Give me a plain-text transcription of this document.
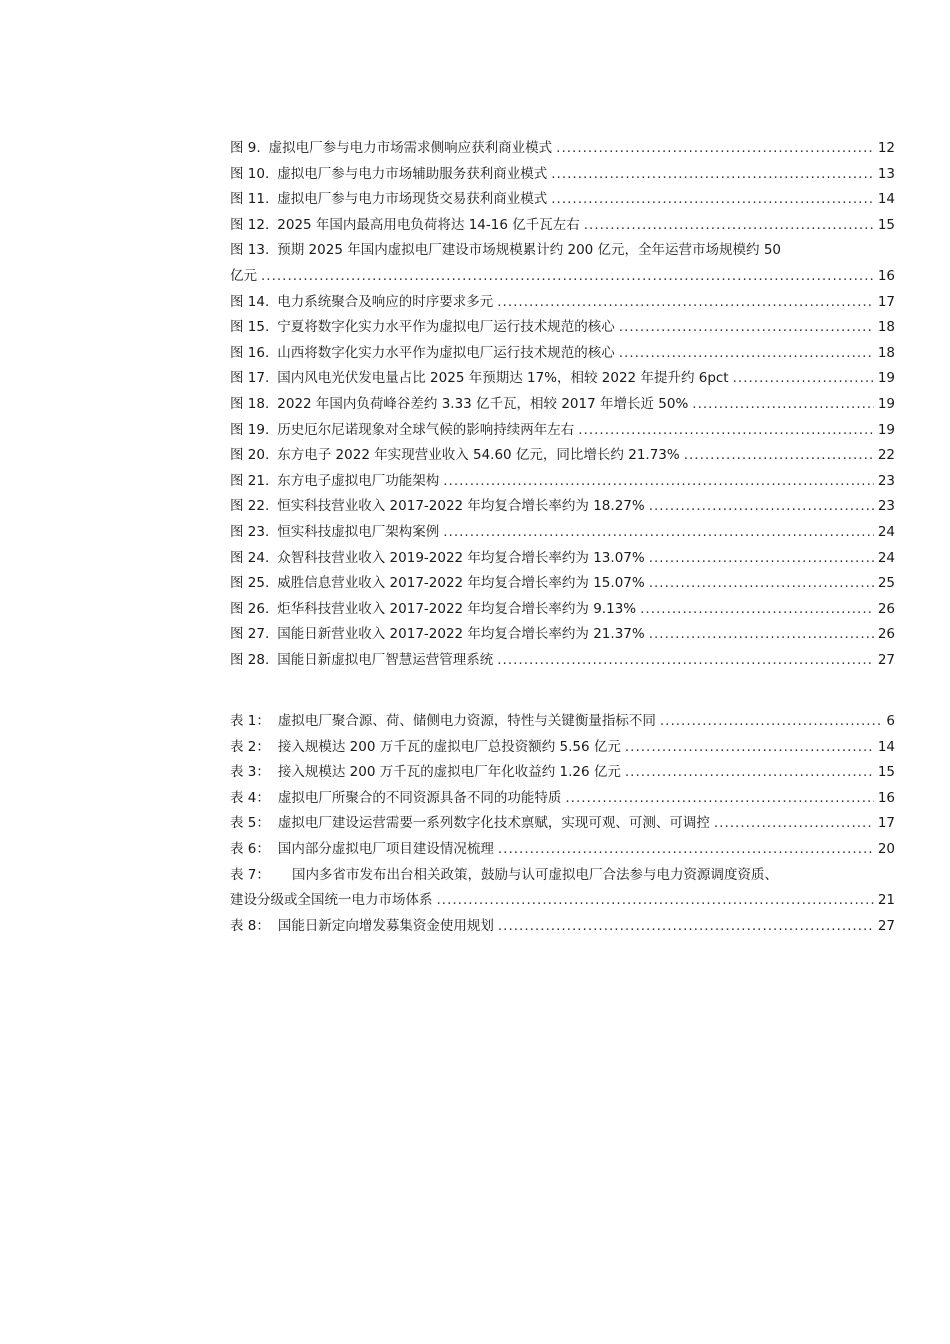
图 9. 虚拟电厂参与电力市场需求侧响应获利商业模式 .....	12
图 10. 虚拟电厂参与电力市场辅助服务获利商业模式 .....	13
图 11. 虚拟电厂参与电力市场现货交易获利商业模式 .....	14
图 12. 2025 年国内最高用电负荷将达 14-16 亿千瓦左右 .....	15
图 13. 预期 2025 年国内虚拟电厂建设市场规模累计约 200 亿元，全年运营市场规模约 50
亿元 .....	16
图 14. 电力系统聚合及响应的时序要求多元 .....	17
图 15. 宁夏将数字化实力水平作为虚拟电厂运行技术规范的核心 .....	18
图 16. 山西将数字化实力水平作为虚拟电厂运行技术规范的核心 .....	18
图 17. 国内风电光伏发电量占比 2025 年预期达 17%，相较 2022 年提升约 6pct .....	19
图 18. 2022 年国内负荷峰谷差约 3.33 亿千瓦，相较 2017 年增长近 50% .....	19
图 19. 历史厄尔尼诺现象对全球气候的影响持续两年左右 .....	19
图 20. 东方电子 2022 年实现营业收入 54.60 亿元，同比增长约 21.73% .....	22
图 21. 东方电子虚拟电厂功能架构 .....	23
图 22. 恒实科技营业收入 2017-2022 年均复合增长率约为 18.27% .....	23
图 23. 恒实科技虚拟电厂架构案例 .....	24
图 24. 众智科技营业收入 2019-2022 年均复合增长率约为 13.07% .....	24
图 25. 威胜信息营业收入 2017-2022 年均复合增长率约为 15.07% .....	25
图 26. 炬华科技营业收入 2017-2022 年均复合增长率约为 9.13% .....	26
图 27. 国能日新营业收入 2017-2022 年均复合增长率约为 21.37% .....	26
图 28. 国能日新虚拟电厂智慧运营管理系统 .....	27
表 1： 虚拟电厂聚合源、荷、储侧电力资源，特性与关键衡量指标不同 .....	6
表 2： 接入规模达 200 万千瓦的虚拟电厂总投资额约 5.56 亿元 .....	14
表 3： 接入规模达 200 万千瓦的虚拟电厂年化收益约 1.26 亿元 .....	15
表 4： 虚拟电厂所聚合的不同资源具备不同的功能特质 .....	16
表 5： 虚拟电厂建设运营需要一系列数字化技术禀赋，实现可观、可测、可调控 .....	17
表 6： 国内部分虚拟电厂项目建设情况梳理 .....	20
表 7：	国内多省市发布出台相关政策，鼓励与认可虚拟电厂合法参与电力资源调度资质、
建设分级或全国统一电力市场体系 .....	21
表 8： 国能日新定向增发募集资金使用规划 .....	27
